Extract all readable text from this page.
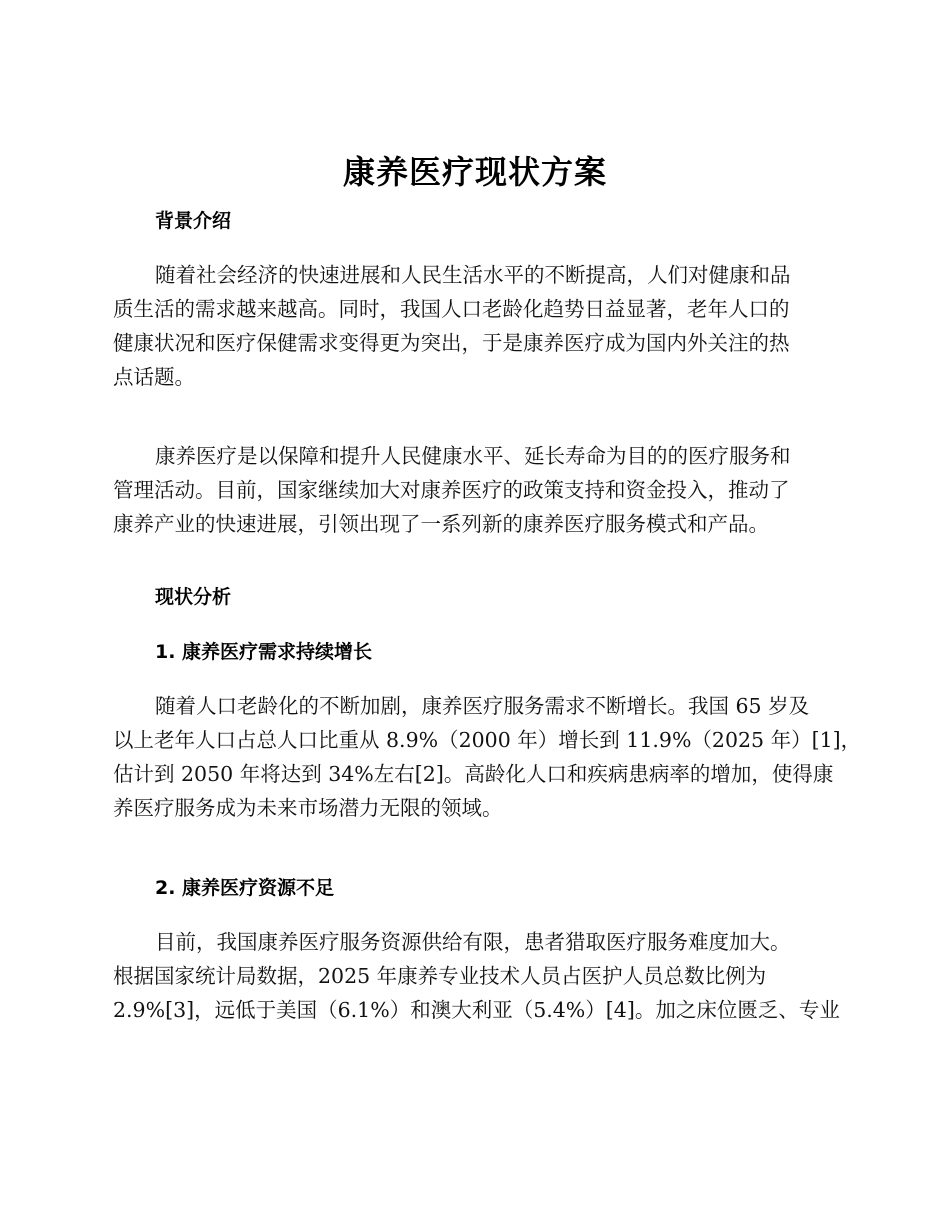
康养医疗现状方案
背景介绍
随着社会经济的快速进展和人民生活水平的不断提高，人们对健康和品
质生活的需求越来越高。同时，我国人口老龄化趋势日益显著，老年人口的
健康状况和医疗保健需求变得更为突出，于是康养医疗成为国内外关注的热
点话题。
康养医疗是以保障和提升人民健康水平、延长寿命为目的的医疗服务和
管理活动。目前，国家继续加大对康养医疗的政策支持和资金投入，推动了
康养产业的快速进展，引领出现了一系列新的康养医疗服务模式和产品。
现状分析
1. 康养医疗需求持续增长
随着人口老龄化的不断加剧，康养医疗服务需求不断增长。我国 65 岁及
以上老年人口占总人口比重从 8.9%（2000 年）增长到 11.9%（2025 年）[1]，
估计到 2050 年将达到 34%左右[2]。高龄化人口和疾病患病率的增加，使得康
养医疗服务成为未来市场潜力无限的领域。
2. 康养医疗资源不足
目前，我国康养医疗服务资源供给有限，患者猎取医疗服务难度加大。
根据国家统计局数据，2025 年康养专业技术人员占医护人员总数比例为
2.9%[3]，远低于美国（6.1%）和澳大利亚（5.4%）[4]。加之床位匮乏、专业
